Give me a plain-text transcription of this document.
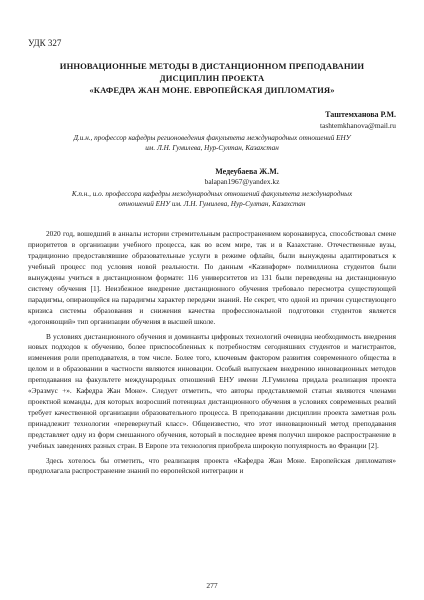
УДК 327

ИННОВАЦИОННЫЕ МЕТОДЫ В ДИСТАНЦИОННОМ ПРЕПОДАВАНИИ

ДИСЦИПЛИН ПРОЕКТА

«КАФЕДРА ЖАН МОНЕ. ЕВРОПЕЙСКАЯ ДИПЛОМАТИЯ»

Таштемханова Р.М.
tashtemkhanova@mail.ru
Д.и.н., профессор кафедры регионоведения факультета международных отношений ЕНУ
им. Л.Н. Гумилева, Нур-Султан, Казахстан
Медеубаева Ж.М.
balapan1967@yandex.kz
К.п.н., и.о. профессора кафедры международных отношений факультета международных
отношений ЕНУ им. Л.Н. Гумилева, Нур-Султан, Казахстан

2020 год, вошедший в анналы истории стремительным распространением коронавируса, способствовал смене приоритетов в организации учебного процесса, как во всем мире, так и в Казахстане. Отечественные вузы, традиционно предоставлявшие образовательные услуги в режиме офлайн, были вынуждены адаптироваться к учебный процесс под условия новой реальности. По данным «Казинформ» полмиллиона студентов были вынуждены учиться в дистанционном формате: 116 университетов из 131 были переведены на дистанционную систему обучения [1]. Неизбежное внедрение дистанционного обучения требовало пересмотра существующей парадигмы, опирающейся на парадигмы характер передачи знаний. Не секрет, что одной из причин существующего кризиса системы образования и снижения качества профессиональной подготовки студентов является «догоняющий» тип организации обучения в высшей школе.

В условиях дистанционного обучения и доминанты цифровых технологий очевидна необходимость внедрения новых подходов к обучению, более приспособленных к потребностям сегодняшних студентов и магистрантов, изменения роли преподавателя, в том числе. Более того, ключевым фактором развития современного общества в целом и в образовании в частности являются инновации. Особый выпускаем внедрению инновационных методов преподавания на факультете международных отношений ЕНУ имени Л.Гумилева придала реализация проекта «Эразмус +». Кафедра Жан Моне». Следует отметить, что авторы представляемой статьи являются членами проектной команды, для которых возросший потенциал дистанционного обучения в условиях современных реалий требует качественной организации образовательного процесса. В преподавании дисциплин проекта заметная роль принадлежит технологии «перевернутый класс». Общеизвестно, что этот инновационный метод преподавания представляет одну из форм смешанного обучения, который в последнее время получил широкое распространение в учебных заведениях разных стран. В Европе эта технология приобрела широкую популярность во Франции [2].

Здесь хотелось бы отметить, что реализация проекта «Кафедра Жан Моне. Европейская дипломатия» предполагала распространение знаний по европейской интеграции и

277
